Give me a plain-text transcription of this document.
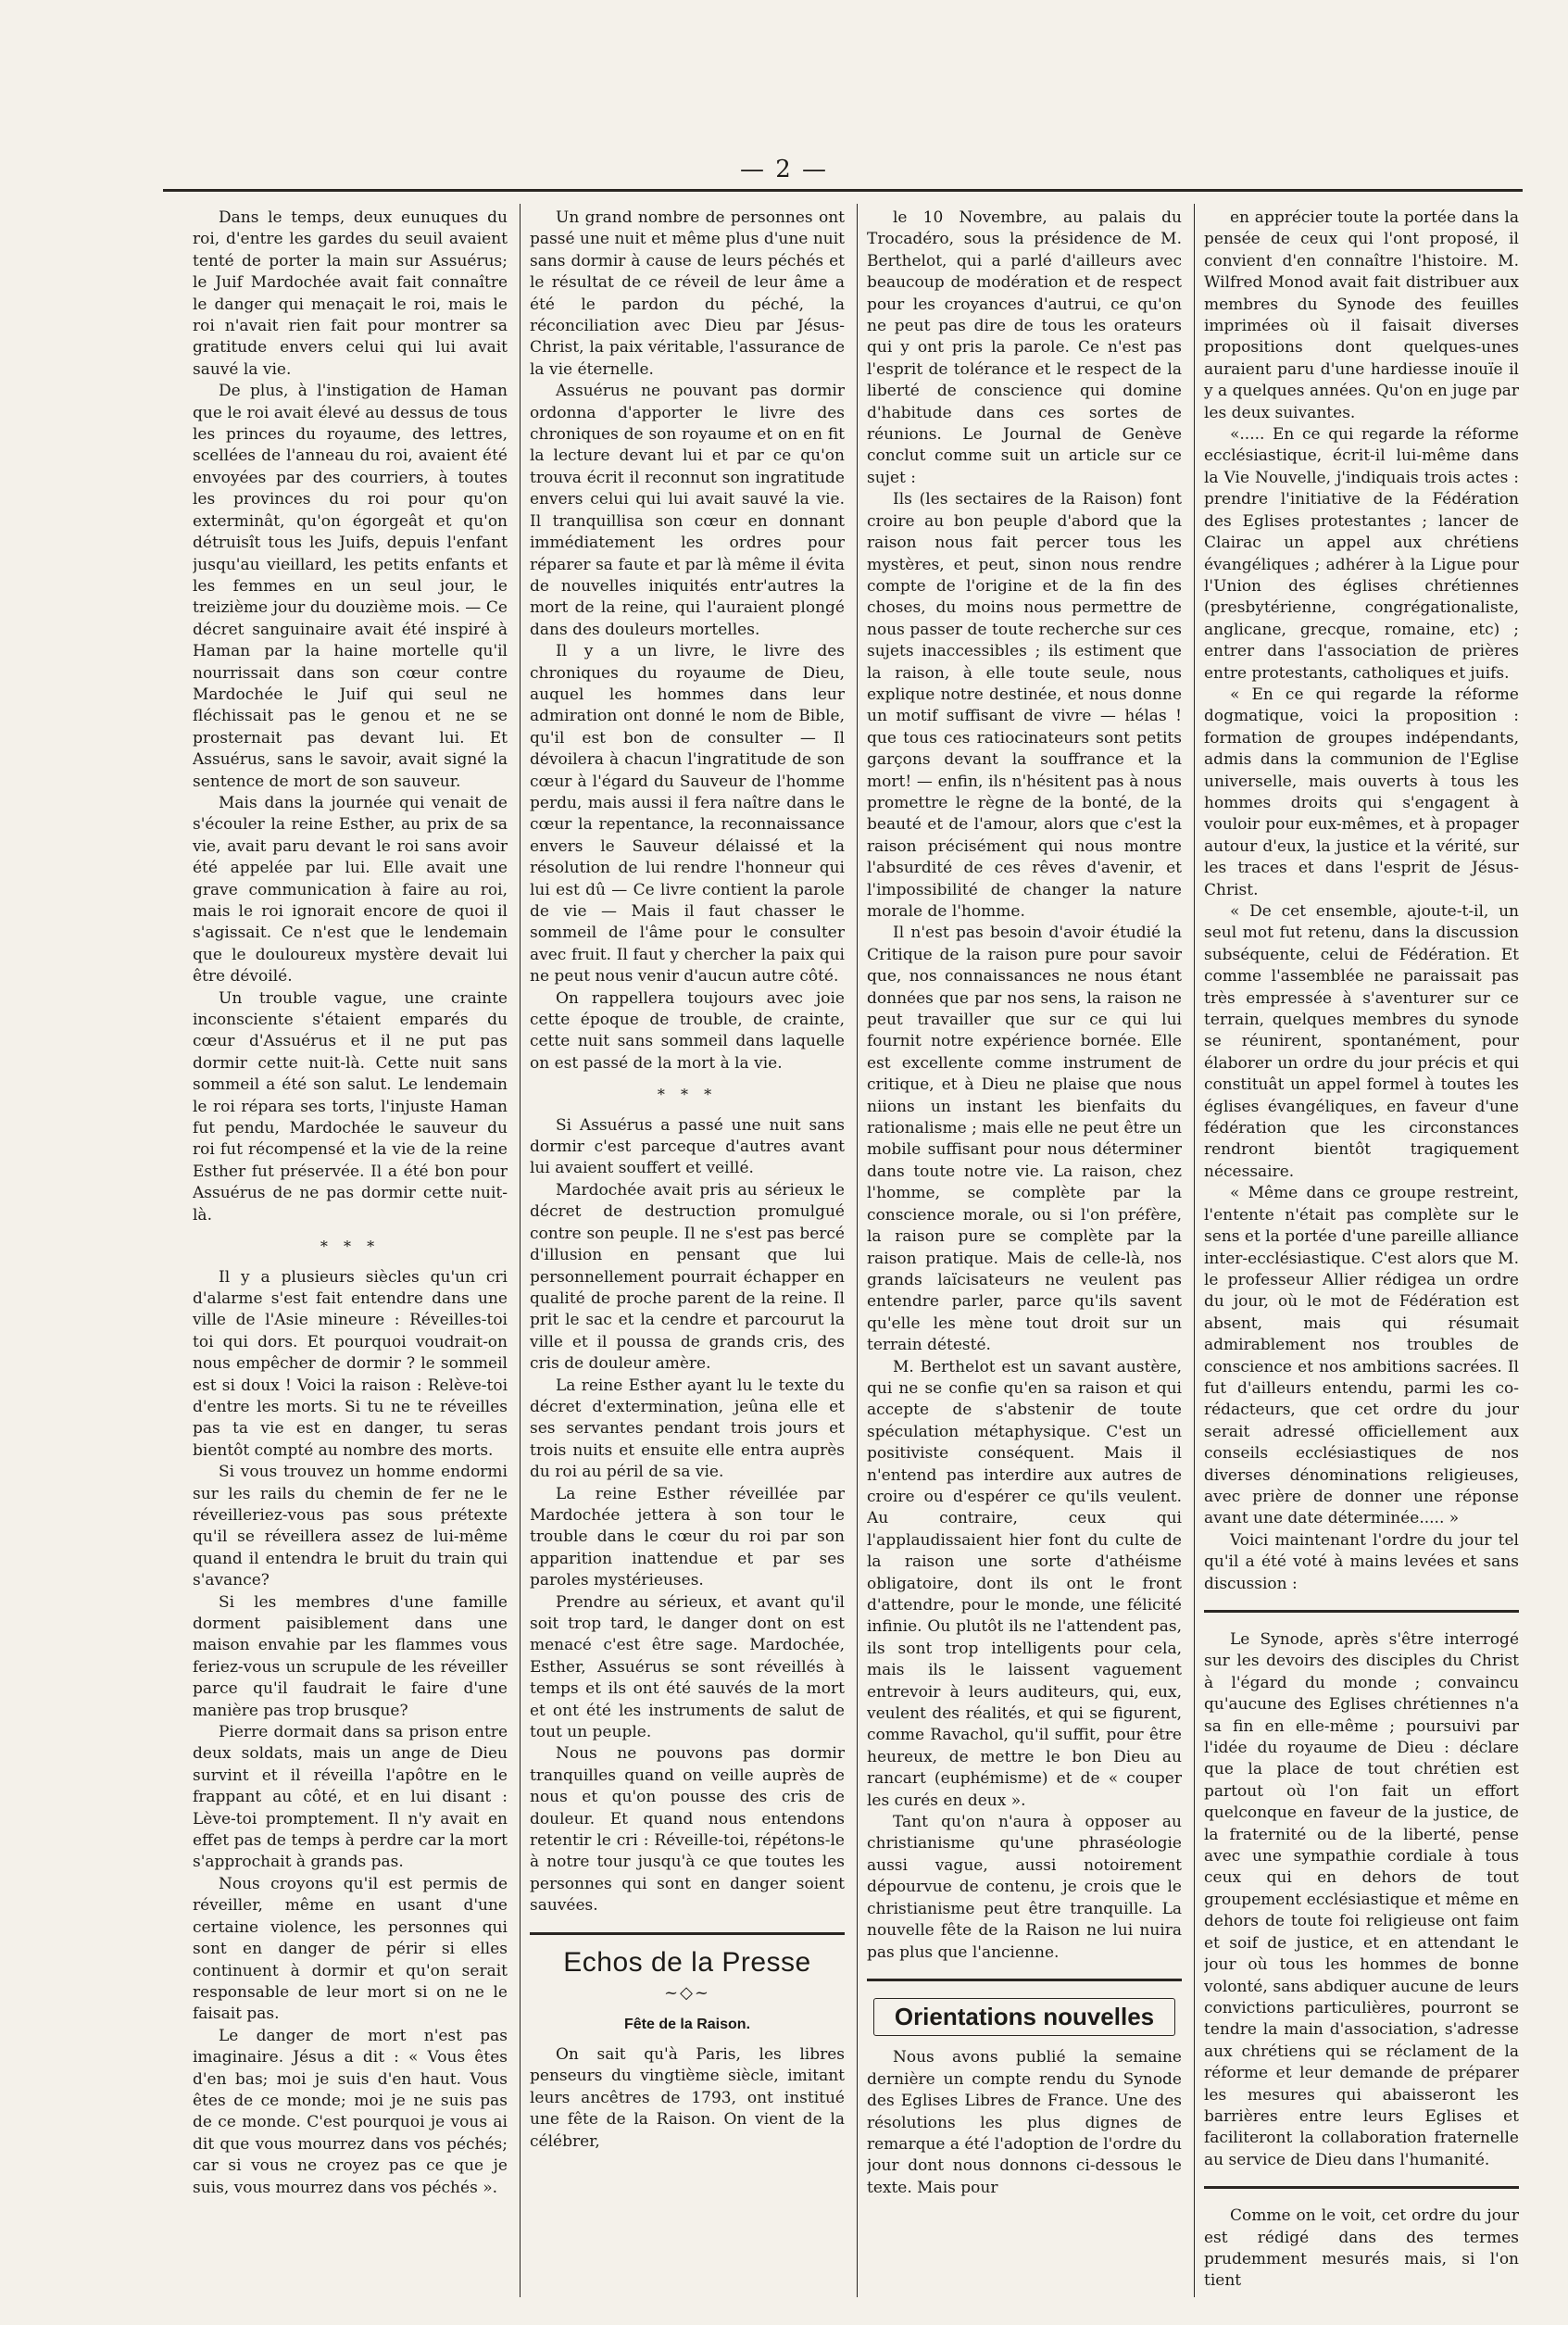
— 2 —

Dans le temps, deux eunuques du roi, d'entre les gardes du seuil avaient tenté de porter la main sur Assuérus; le Juif Mardochée avait fait connaître le danger qui menaçait le roi, mais le roi n'avait rien fait pour montrer sa gratitude envers celui qui lui avait sauvé la vie.

De plus, à l'instigation de Haman que le roi avait élevé au dessus de tous les princes du royaume, des lettres, scellées de l'anneau du roi, avaient été envoyées par des courriers, à toutes les provinces du roi pour qu'on exterminât, qu'on égorgeât et qu'on détruisît tous les Juifs, depuis l'enfant jusqu'au vieillard, les petits enfants et les femmes en un seul jour, le treizième jour du douzième mois. — Ce décret sanguinaire avait été inspiré à Haman par la haine mortelle qu'il nourrissait dans son cœur contre Mardochée le Juif qui seul ne fléchissait pas le genou et ne se prosternait pas devant lui. Et Assuérus, sans le savoir, avait signé la sentence de mort de son sauveur.

Mais dans la journée qui venait de s'écouler la reine Esther, au prix de sa vie, avait paru devant le roi sans avoir été appelée par lui. Elle avait une grave communication à faire au roi, mais le roi ignorait encore de quoi il s'agissait. Ce n'est que le lendemain que le douloureux mystère devait lui être dévoilé.

Un trouble vague, une crainte inconsciente s'étaient emparés du cœur d'Assuérus et il ne put pas dormir cette nuit-là. Cette nuit sans sommeil a été son salut. Le lendemain le roi répara ses torts, l'injuste Haman fut pendu, Mardochée le sauveur du roi fut récompensé et la vie de la reine Esther fut préservée. Il a été bon pour Assuérus de ne pas dormir cette nuit-là.

* * *

Il y a plusieurs siècles qu'un cri d'alarme s'est fait entendre dans une ville de l'Asie mineure : Réveilles-toi toi qui dors. Et pourquoi voudrait-on nous empêcher de dormir ? le sommeil est si doux ! Voici la raison : Relève-toi d'entre les morts. Si tu ne te réveilles pas ta vie est en danger, tu seras bientôt compté au nombre des morts.

Si vous trouvez un homme endormi sur les rails du chemin de fer ne le réveilleriez-vous pas sous prétexte qu'il se réveillera assez de lui-même quand il entendra le bruit du train qui s'avance?

Si les membres d'une famille dorment paisiblement dans une maison envahie par les flammes vous feriez-vous un scrupule de les réveiller parce qu'il faudrait le faire d'une manière pas trop brusque?

Pierre dormait dans sa prison entre deux soldats, mais un ange de Dieu survint et il réveilla l'apôtre en le frappant au côté, et en lui disant : Lève-toi promptement. Il n'y avait en effet pas de temps à perdre car la mort s'approchait à grands pas.

Nous croyons qu'il est permis de réveiller, même en usant d'une certaine violence, les personnes qui sont en danger de périr si elles continuent à dormir et qu'on serait responsable de leur mort si on ne le faisait pas.

Le danger de mort n'est pas imaginaire. Jésus a dit : « Vous êtes d'en bas; moi je suis d'en haut. Vous êtes de ce monde; moi je ne suis pas de ce monde. C'est pourquoi je vous ai dit que vous mourrez dans vos péchés; car si vous ne croyez pas ce que je suis, vous mourrez dans vos péchés ».

Un grand nombre de personnes ont passé une nuit et même plus d'une nuit sans dormir à cause de leurs péchés et le résultat de ce réveil de leur âme a été le pardon du péché, la réconciliation avec Dieu par Jésus-Christ, la paix véritable, l'assurance de la vie éternelle.

Assuérus ne pouvant pas dormir ordonna d'apporter le livre des chroniques de son royaume et on en fit la lecture devant lui et par ce qu'on trouva écrit il reconnut son ingratitude envers celui qui lui avait sauvé la vie. Il tranquillisa son cœur en donnant immédiatement les ordres pour réparer sa faute et par là même il évita de nouvelles iniquités entr'autres la mort de la reine, qui l'auraient plongé dans des douleurs mortelles.

Il y a un livre, le livre des chroniques du royaume de Dieu, auquel les hommes dans leur admiration ont donné le nom de Bible, qu'il est bon de consulter — Il dévoilera à chacun l'ingratitude de son cœur à l'égard du Sauveur de l'homme perdu, mais aussi il fera naître dans le cœur la repentance, la reconnaissance envers le Sauveur délaissé et la résolution de lui rendre l'honneur qui lui est dû — Ce livre contient la parole de vie — Mais il faut chasser le sommeil de l'âme pour le consulter avec fruit. Il faut y chercher la paix qui ne peut nous venir d'aucun autre côté.

On rappellera toujours avec joie cette époque de trouble, de crainte, cette nuit sans sommeil dans laquelle on est passé de la mort à la vie.

* * *

Si Assuérus a passé une nuit sans dormir c'est parceque d'autres avant lui avaient souffert et veillé.

Mardochée avait pris au sérieux le décret de destruction promulgué contre son peuple. Il ne s'est pas bercé d'illusion en pensant que lui personnellement pourrait échapper en qualité de proche parent de la reine. Il prit le sac et la cendre et parcourut la ville et il poussa de grands cris, des cris de douleur amère.

La reine Esther ayant lu le texte du décret d'extermination, jeûna elle et ses servantes pendant trois jours et trois nuits et ensuite elle entra auprès du roi au péril de sa vie.

La reine Esther réveillée par Mardochée jettera à son tour le trouble dans le cœur du roi par son apparition inattendue et par ses paroles mystérieuses.

Prendre au sérieux, et avant qu'il soit trop tard, le danger dont on est menacé c'est être sage. Mardochée, Esther, Assuérus se sont réveillés à temps et ils ont été sauvés de la mort et ont été les instruments de salut de tout un peuple.

Nous ne pouvons pas dormir tranquilles quand on veille auprès de nous et qu'on pousse des cris de douleur. Et quand nous entendons retentir le cri : Réveille-toi, répétons-le à notre tour jusqu'à ce que toutes les personnes qui sont en danger soient sauvées.

Echos de la Presse
~◇~
Fête de la Raison.

On sait qu'à Paris, les libres penseurs du vingtième siècle, imitant leurs ancêtres de 1793, ont institué une fête de la Raison. On vient de la célébrer,

le 10 Novembre, au palais du Trocadéro, sous la présidence de M. Berthelot, qui a parlé d'ailleurs avec beaucoup de modération et de respect pour les croyances d'autrui, ce qu'on ne peut pas dire de tous les orateurs qui y ont pris la parole. Ce n'est pas l'esprit de tolérance et le respect de la liberté de conscience qui domine d'habitude dans ces sortes de réunions. Le Journal de Genève conclut comme suit un article sur ce sujet :

Ils (les sectaires de la Raison) font croire au bon peuple d'abord que la raison nous fait percer tous les mystères, et peut, sinon nous rendre compte de l'origine et de la fin des choses, du moins nous permettre de nous passer de toute recherche sur ces sujets inaccessibles ; ils estiment que la raison, à elle toute seule, nous explique notre destinée, et nous donne un motif suffisant de vivre — hélas ! que tous ces ratiocinateurs sont petits garçons devant la souffrance et la mort! — enfin, ils n'hésitent pas à nous promettre le règne de la bonté, de la beauté et de l'amour, alors que c'est la raison précisément qui nous montre l'absurdité de ces rêves d'avenir, et l'impossibilité de changer la nature morale de l'homme.

Il n'est pas besoin d'avoir étudié la Critique de la raison pure pour savoir que, nos connaissances ne nous étant données que par nos sens, la raison ne peut travailler que sur ce qui lui fournit notre expérience bornée. Elle est excellente comme instrument de critique, et à Dieu ne plaise que nous niions un instant les bienfaits du rationalisme ; mais elle ne peut être un mobile suffisant pour nous déterminer dans toute notre vie. La raison, chez l'homme, se complète par la conscience morale, ou si l'on préfère, la raison pure se complète par la raison pratique. Mais de celle-là, nos grands laïcisateurs ne veulent pas entendre parler, parce qu'ils savent qu'elle les mène tout droit sur un terrain détesté.

M. Berthelot est un savant austère, qui ne se confie qu'en sa raison et qui accepte de s'abstenir de toute spéculation métaphysique. C'est un positiviste conséquent. Mais il n'entend pas interdire aux autres de croire ou d'espérer ce qu'ils veulent. Au contraire, ceux qui l'applaudissaient hier font du culte de la raison une sorte d'athéisme obligatoire, dont ils ont le front d'attendre, pour le monde, une félicité infinie. Ou plutôt ils ne l'attendent pas, ils sont trop intelligents pour cela, mais ils le laissent vaguement entrevoir à leurs auditeurs, qui, eux, veulent des réalités, et qui se figurent, comme Ravachol, qu'il suffit, pour être heureux, de mettre le bon Dieu au rancart (euphémisme) et de « couper les curés en deux ».

Tant qu'on n'aura à opposer au christianisme qu'une phraséologie aussi vague, aussi notoirement dépourvue de contenu, je crois que le christianisme peut être tranquille. La nouvelle fête de la Raison ne lui nuira pas plus que l'ancienne.

Orientations nouvelles

Nous avons publié la semaine dernière un compte rendu du Synode des Eglises Libres de France. Une des résolutions les plus dignes de remarque a été l'adoption de l'ordre du jour dont nous donnons ci-dessous le texte. Mais pour

en apprécier toute la portée dans la pensée de ceux qui l'ont proposé, il convient d'en connaître l'histoire. M. Wilfred Monod avait fait distribuer aux membres du Synode des feuilles imprimées où il faisait diverses propositions dont quelques-unes auraient paru d'une hardiesse inouïe il y a quelques années. Qu'on en juge par les deux suivantes.

«..... En ce qui regarde la réforme ecclésiastique, écrit-il lui-même dans la Vie Nouvelle, j'indiquais trois actes : prendre l'initiative de la Fédération des Eglises protestantes ; lancer de Clairac un appel aux chrétiens évangéliques ; adhérer à la Ligue pour l'Union des églises chrétiennes (presbytérienne, congrégationaliste, anglicane, grecque, romaine, etc) ; entrer dans l'association de prières entre protestants, catholiques et juifs.

« En ce qui regarde la réforme dogmatique, voici la proposition : formation de groupes indépendants, admis dans la communion de l'Eglise universelle, mais ouverts à tous les hommes droits qui s'engagent à vouloir pour eux-mêmes, et à propager autour d'eux, la justice et la vérité, sur les traces et dans l'esprit de Jésus-Christ.

« De cet ensemble, ajoute-t-il, un seul mot fut retenu, dans la discussion subséquente, celui de Fédération. Et comme l'assemblée ne paraissait pas très empressée à s'aventurer sur ce terrain, quelques membres du synode se réunirent, spontanément, pour élaborer un ordre du jour précis et qui constituât un appel formel à toutes les églises évangéliques, en faveur d'une fédération que les circonstances rendront bientôt tragiquement nécessaire.

« Même dans ce groupe restreint, l'entente n'était pas complète sur le sens et la portée d'une pareille alliance inter-ecclésiastique. C'est alors que M. le professeur Allier rédigea un ordre du jour, où le mot de Fédération est absent, mais qui résumait admirablement nos troubles de conscience et nos ambitions sacrées. Il fut d'ailleurs entendu, parmi les co-rédacteurs, que cet ordre du jour serait adressé officiellement aux conseils ecclésiastiques de nos diverses dénominations religieuses, avec prière de donner une réponse avant une date déterminée..... »

Voici maintenant l'ordre du jour tel qu'il a été voté à mains levées et sans discussion :

Le Synode, après s'être interrogé sur les devoirs des disciples du Christ à l'égard du monde ; convaincu qu'aucune des Eglises chrétiennes n'a sa fin en elle-même ; poursuivi par l'idée du royaume de Dieu : déclare que la place de tout chrétien est partout où l'on fait un effort quelconque en faveur de la justice, de la fraternité ou de la liberté, pense avec une sympathie cordiale à tous ceux qui en dehors de tout groupement ecclésiastique et même en dehors de toute foi religieuse ont faim et soif de justice, et en attendant le jour où tous les hommes de bonne volonté, sans abdiquer aucune de leurs convictions particulières, pourront se tendre la main d'association, s'adresse aux chrétiens qui se réclament de la réforme et leur demande de préparer les mesures qui abaisseront les barrières entre leurs Eglises et faciliteront la collaboration fraternelle au service de Dieu dans l'humanité.

Comme on le voit, cet ordre du jour est rédigé dans des termes prudemment mesurés mais, si l'on tient
